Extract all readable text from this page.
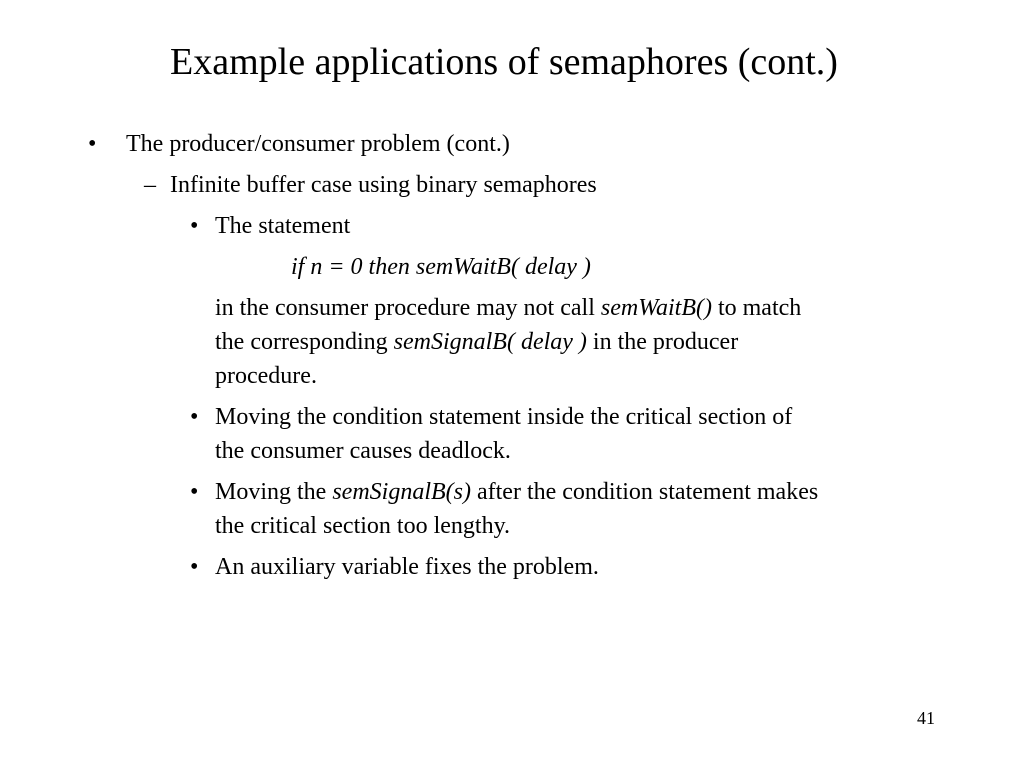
Example applications of semaphores (cont.)
• The producer/consumer problem (cont.)
– Infinite buffer case using binary semaphores
• The statement
if n = 0 then semWaitB( delay )
in the consumer procedure may not call semWaitB() to match
the corresponding semSignalB( delay ) in the producer
procedure.
• Moving the condition statement inside the critical section of
the consumer causes deadlock.
• Moving the semSignalB(s) after the condition statement makes
the critical section too lengthy.
• An auxiliary variable fixes the problem.
41
